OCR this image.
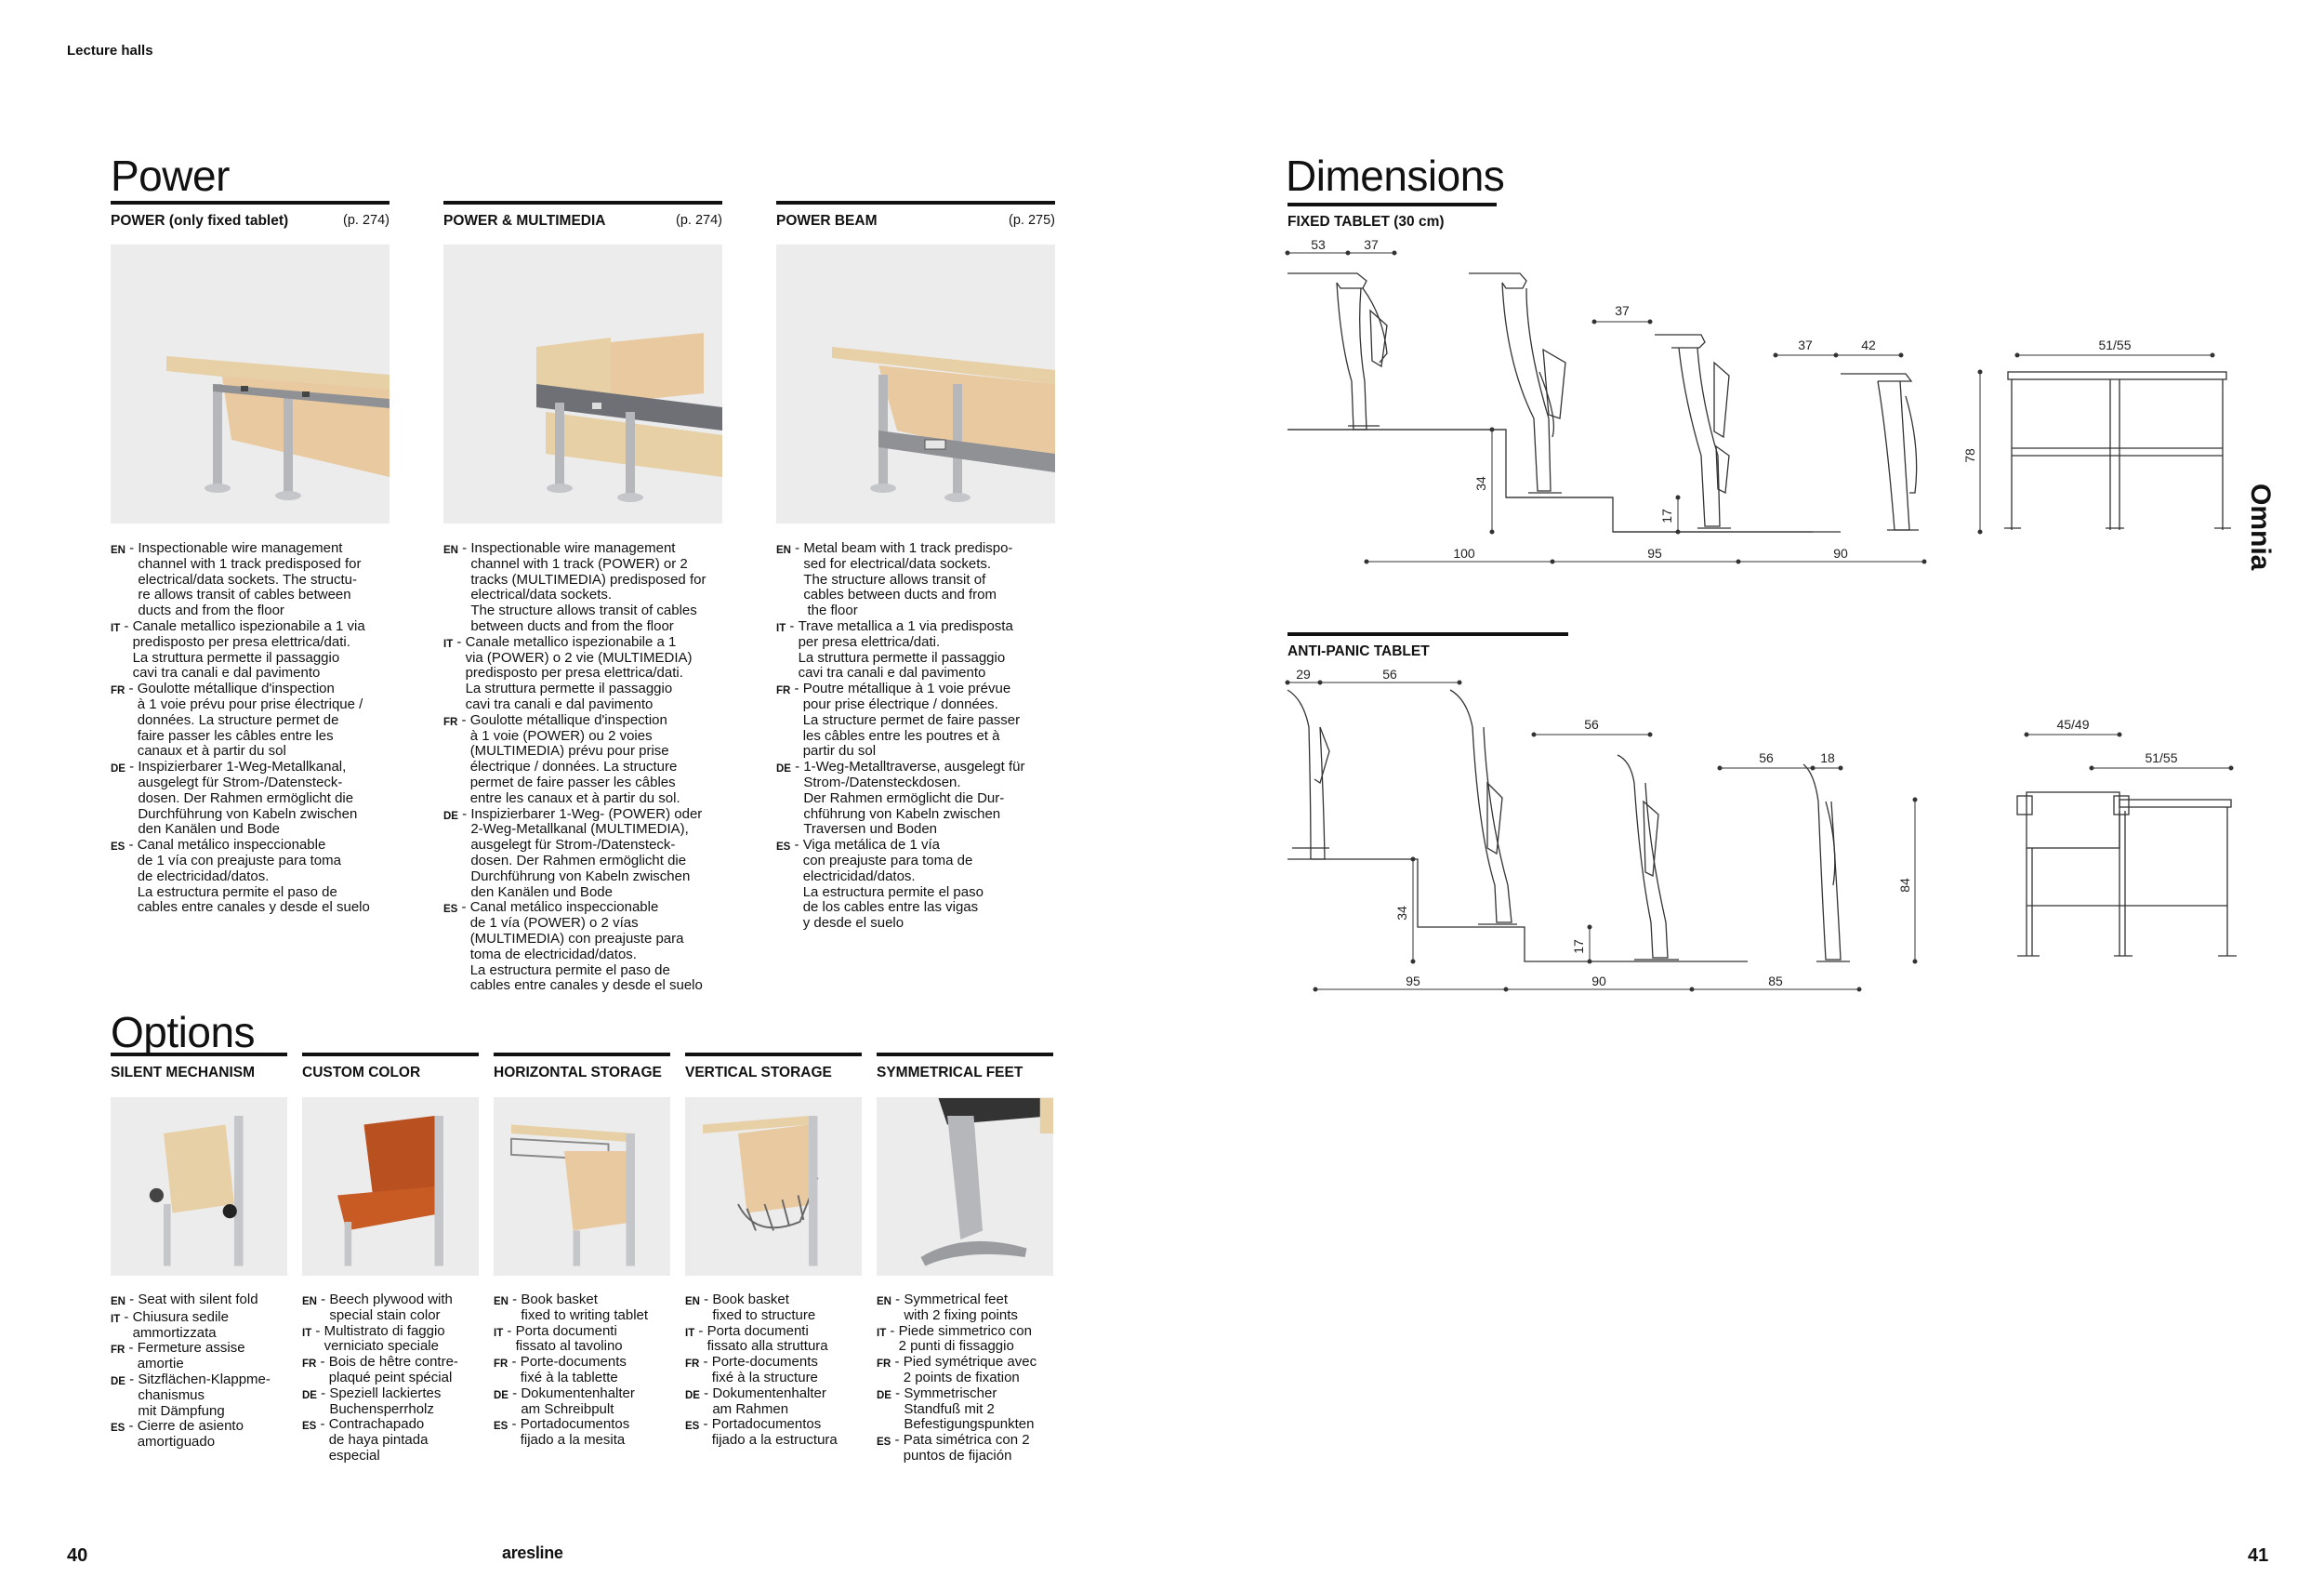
Lecture halls
Power
POWER (only fixed tablet)	(p. 274)
EN - Inspectionable wire management
channel with 1 track predisposed for
electrical/data sockets. The structu-
re allows transit of cables between
ducts and from the floor
IT - Canale metallico ispezionabile a 1 via
predisposto per presa elettrica/dati.
La struttura permette il passaggio
cavi tra canali e dal pavimento
FR - Goulotte métallique d'inspection
à 1 voie prévu pour prise électrique /
données. La structure permet de
faire passer les câbles entre les
canaux et à partir du sol
DE - Inspizierbarer 1-Weg-Metallkanal,
ausgelegt für Strom-/Datensteck-
dosen. Der Rahmen ermöglicht die
Durchführung von Kabeln zwischen
den Kanälen und Bode
ES - Canal metálico inspeccionable
de 1 vía con preajuste para toma
de electricidad/datos.
La estructura permite el paso de
cables entre canales y desde el suelo
POWER & MULTIMEDIA	(p. 274)
EN - Inspectionable wire management
channel with 1 track (POWER) or 2
tracks (MULTIMEDIA) predisposed for
electrical/data sockets.
The structure allows transit of cables
between ducts and from the floor
IT - Canale metallico ispezionabile a 1
via (POWER) o 2 vie (MULTIMEDIA)
predisposto per presa elettrica/dati.
La struttura permette il passaggio
cavi tra canali e dal pavimento
FR - Goulotte métallique d'inspection
à 1 voie (POWER) ou 2 voies
(MULTIMEDIA) prévu pour prise
électrique / données. La structure
permet de faire passer les câbles
entre les canaux et à partir du sol.
DE - Inspizierbarer 1-Weg- (POWER) oder
2-Weg-Metallkanal (MULTIMEDIA),
ausgelegt für Strom-/Datensteck-
dosen. Der Rahmen ermöglicht die
Durchführung von Kabeln zwischen
den Kanälen und Bode
ES - Canal metálico inspeccionable
de 1 vía (POWER) o 2 vías
(MULTIMEDIA) con preajuste para
toma de electricidad/datos.
La estructura permite el paso de
cables entre canales y desde el suelo
POWER BEAM	(p. 275)
EN - Metal beam with 1 track predispo-
sed for electrical/data sockets.
The structure allows transit of
cables between ducts and from
the floor
IT - Trave metallica a 1 via predisposta
per presa elettrica/dati.
La struttura permette il passaggio
cavi tra canali e dal pavimento
FR - Poutre métallique à 1 voie prévue
pour prise électrique / données.
La structure permet de faire passer
les câbles entre les poutres et à
partir du sol
DE - 1-Weg-Metalltraverse, ausgelegt für
Strom-/Datensteckdosen.
Der Rahmen ermöglicht die Dur-
chführung von Kabeln zwischen
Traversen und Boden
ES - Viga metálica de 1 vía
con preajuste para toma de
electricidad/datos.
La estructura permite el paso
de los cables entre las vigas
y desde el suelo
Options
SILENT MECHANISM
EN - Seat with silent fold
IT - Chiusura sedile
ammortizzata
FR - Fermeture assise
amortie
DE - Sitzflächen-Klappme-
chanismus
mit Dämpfung
ES - Cierre de asiento
amortiguado
CUSTOM COLOR
EN - Beech plywood with
special stain color
IT - Multistrato di faggio
verniciato speciale
FR - Bois de hêtre contre-
plaqué peint spécial
DE - Speziell lackiertes
Buchensperrholz
ES - Contrachapado
de haya pintada
especial
HORIZONTAL STORAGE
EN - Book basket
fixed to writing tablet
IT - Porta documenti
fissato al tavolino
FR - Porte-documents
fixé à la tablette
DE - Dokumentenhalter
am Schreibpult
ES - Portadocumentos
fijado a la mesita
VERTICAL STORAGE
EN - Book basket
fixed to structure
IT - Porta documenti
fissato alla struttura
FR - Porte-documents
fixé à la structure
DE - Dokumentenhalter
am Rahmen
ES - Portadocumentos
fijado a la estructura
SYMMETRICAL FEET
EN - Symmetrical feet
with 2 fixing points
IT - Piede simmetrico con
2 punti di fissaggio
FR - Pied symétrique avec
2 points de fixation
DE - Symmetrischer
Standfuß mit 2
Befestigungspunkten
ES - Pata simétrica con 2
puntos de fijación
Dimensions
FIXED TABLET (30 cm)
ANTI-PANIC TABLET
53	37
37
37	42	51/55
34
17
78
100	95	90
29	56
56
56	18
45/49
51/55
34
17
84
95	90	85
Omnia
40	aresline	41
